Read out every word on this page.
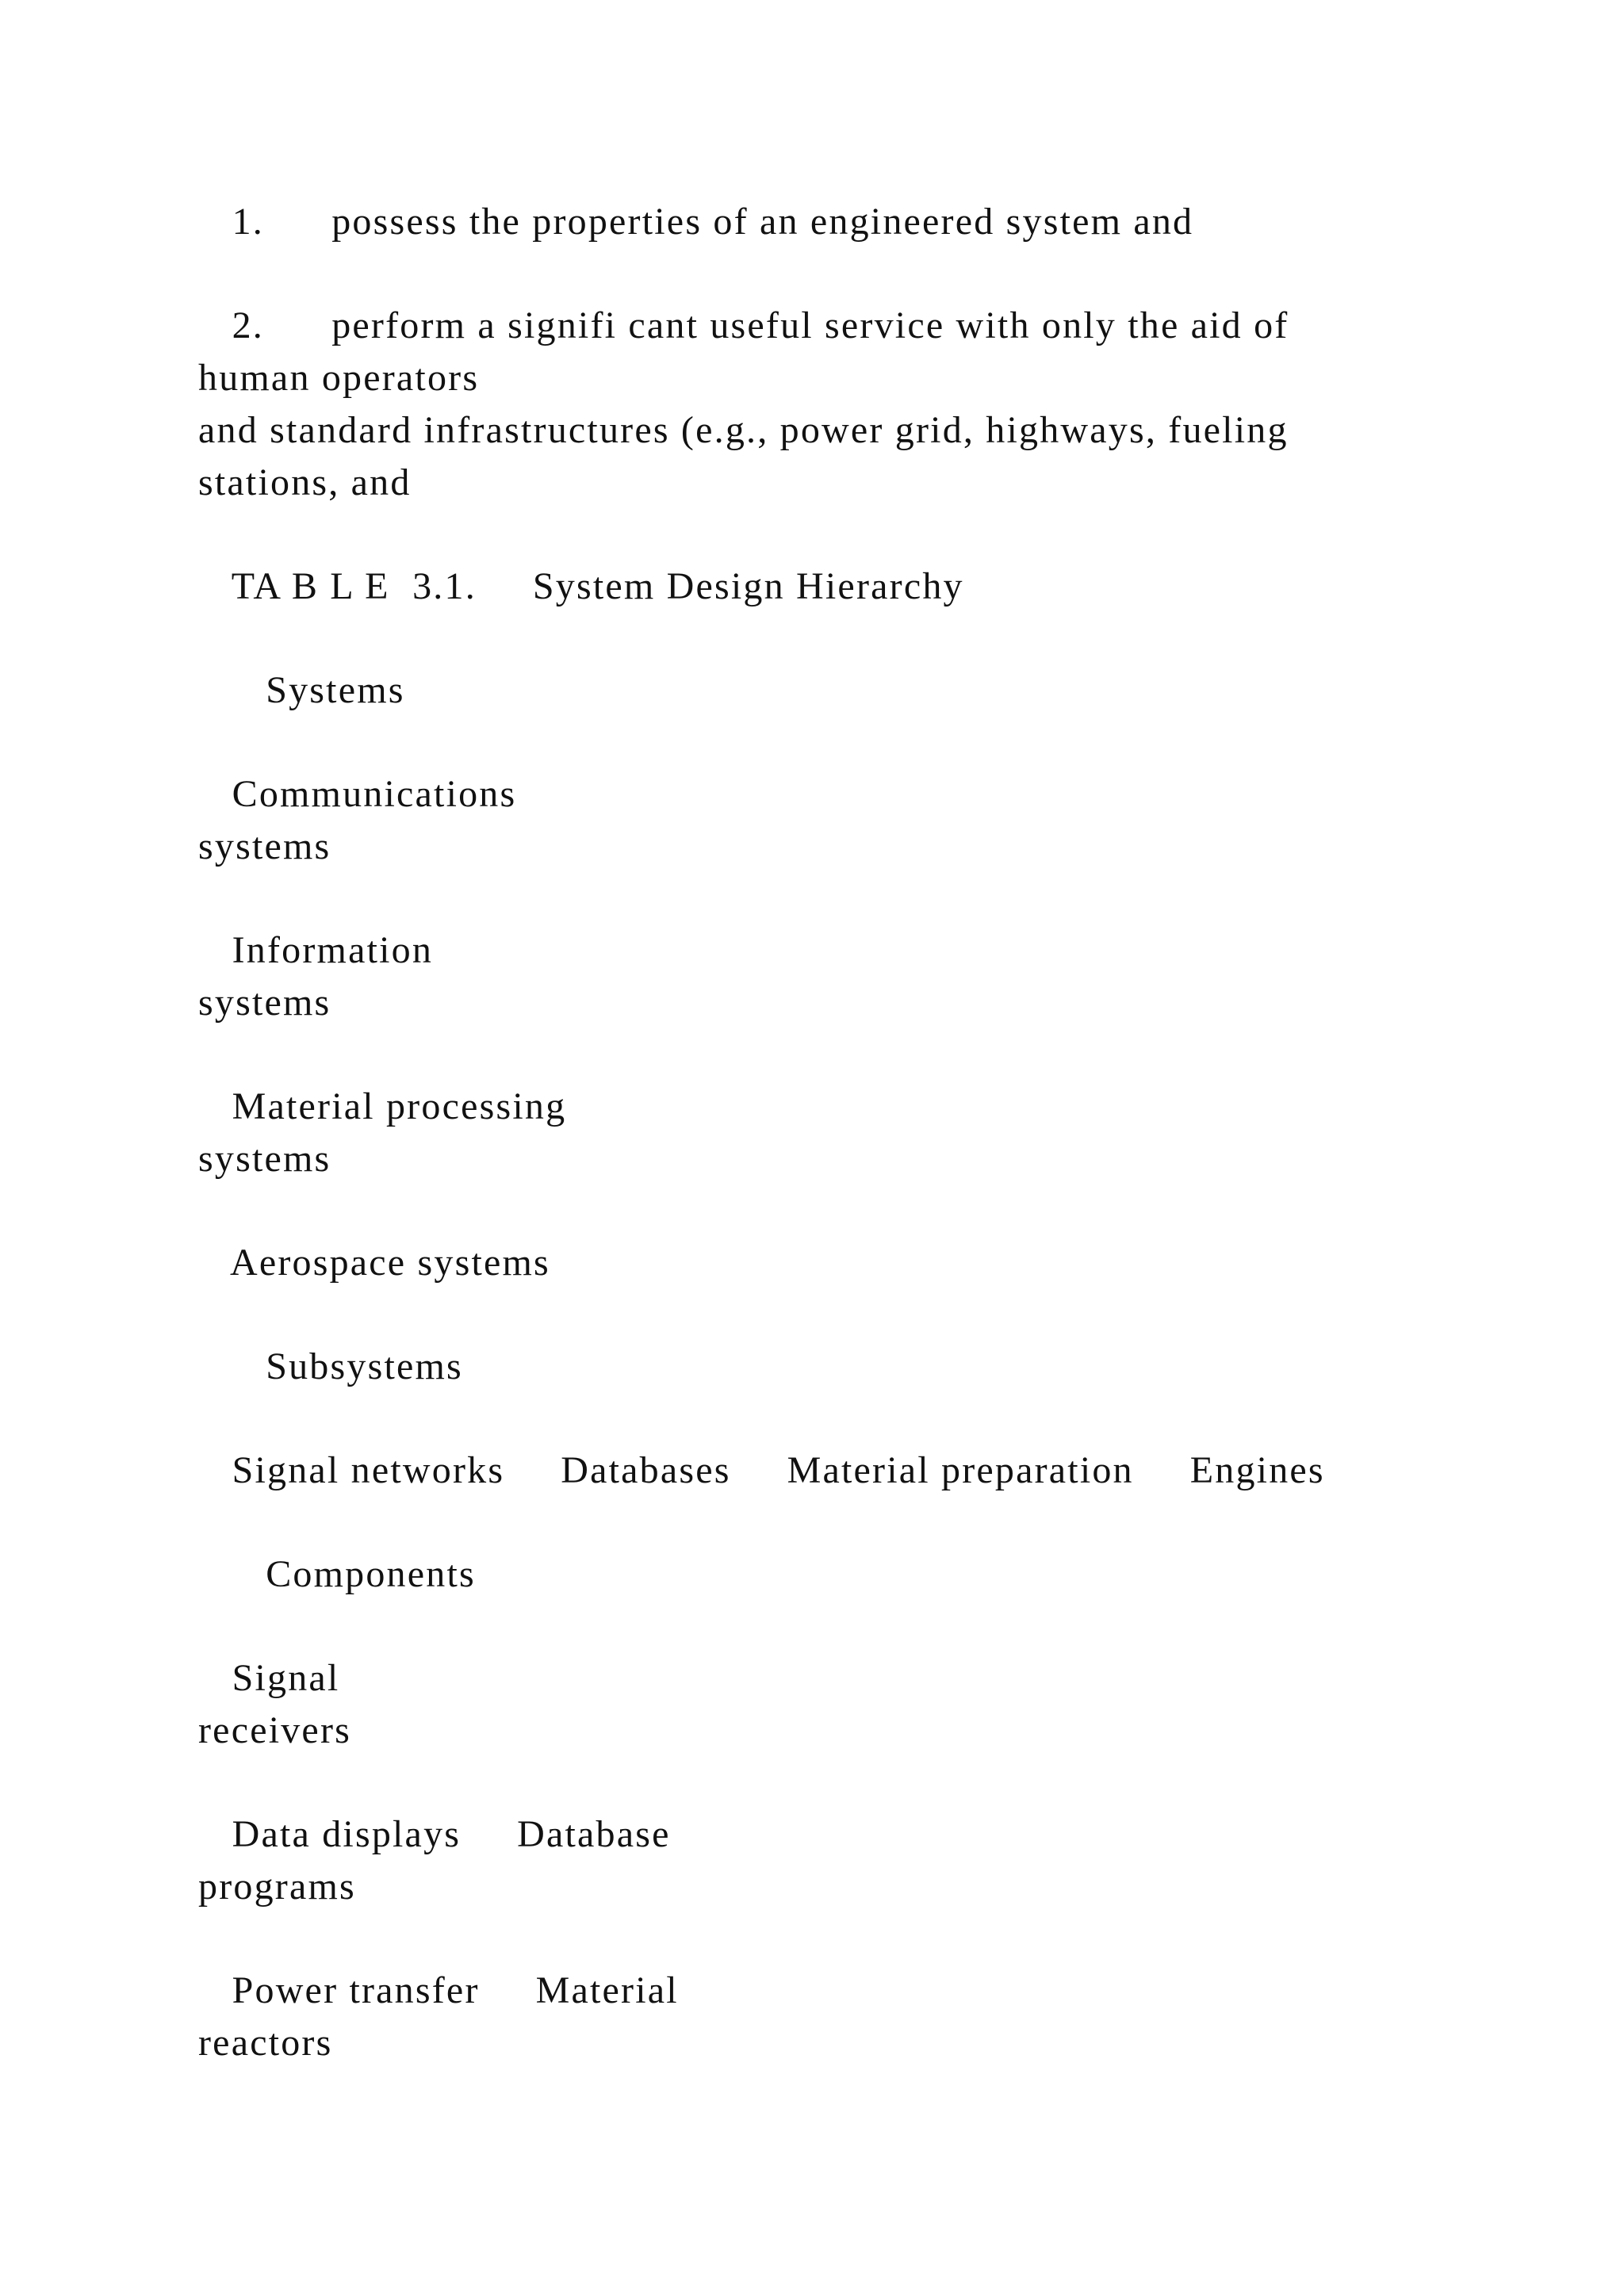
1.      possess the properties of an engineered system and

2.      perform a signifi cant useful service with only the aid of

human operators

and standard infrastructures (e.g., power grid, highways, fueling

stations, and

TA B L E  3.1.     System Design Hierarchy

Systems

Communications

systems

Information

systems

Material processing

systems

Aerospace systems

Subsystems

Signal networks     Databases     Material preparation     Engines

Components

Signal

receivers

Data displays     Database

programs

Power transfer     Material

reactors
